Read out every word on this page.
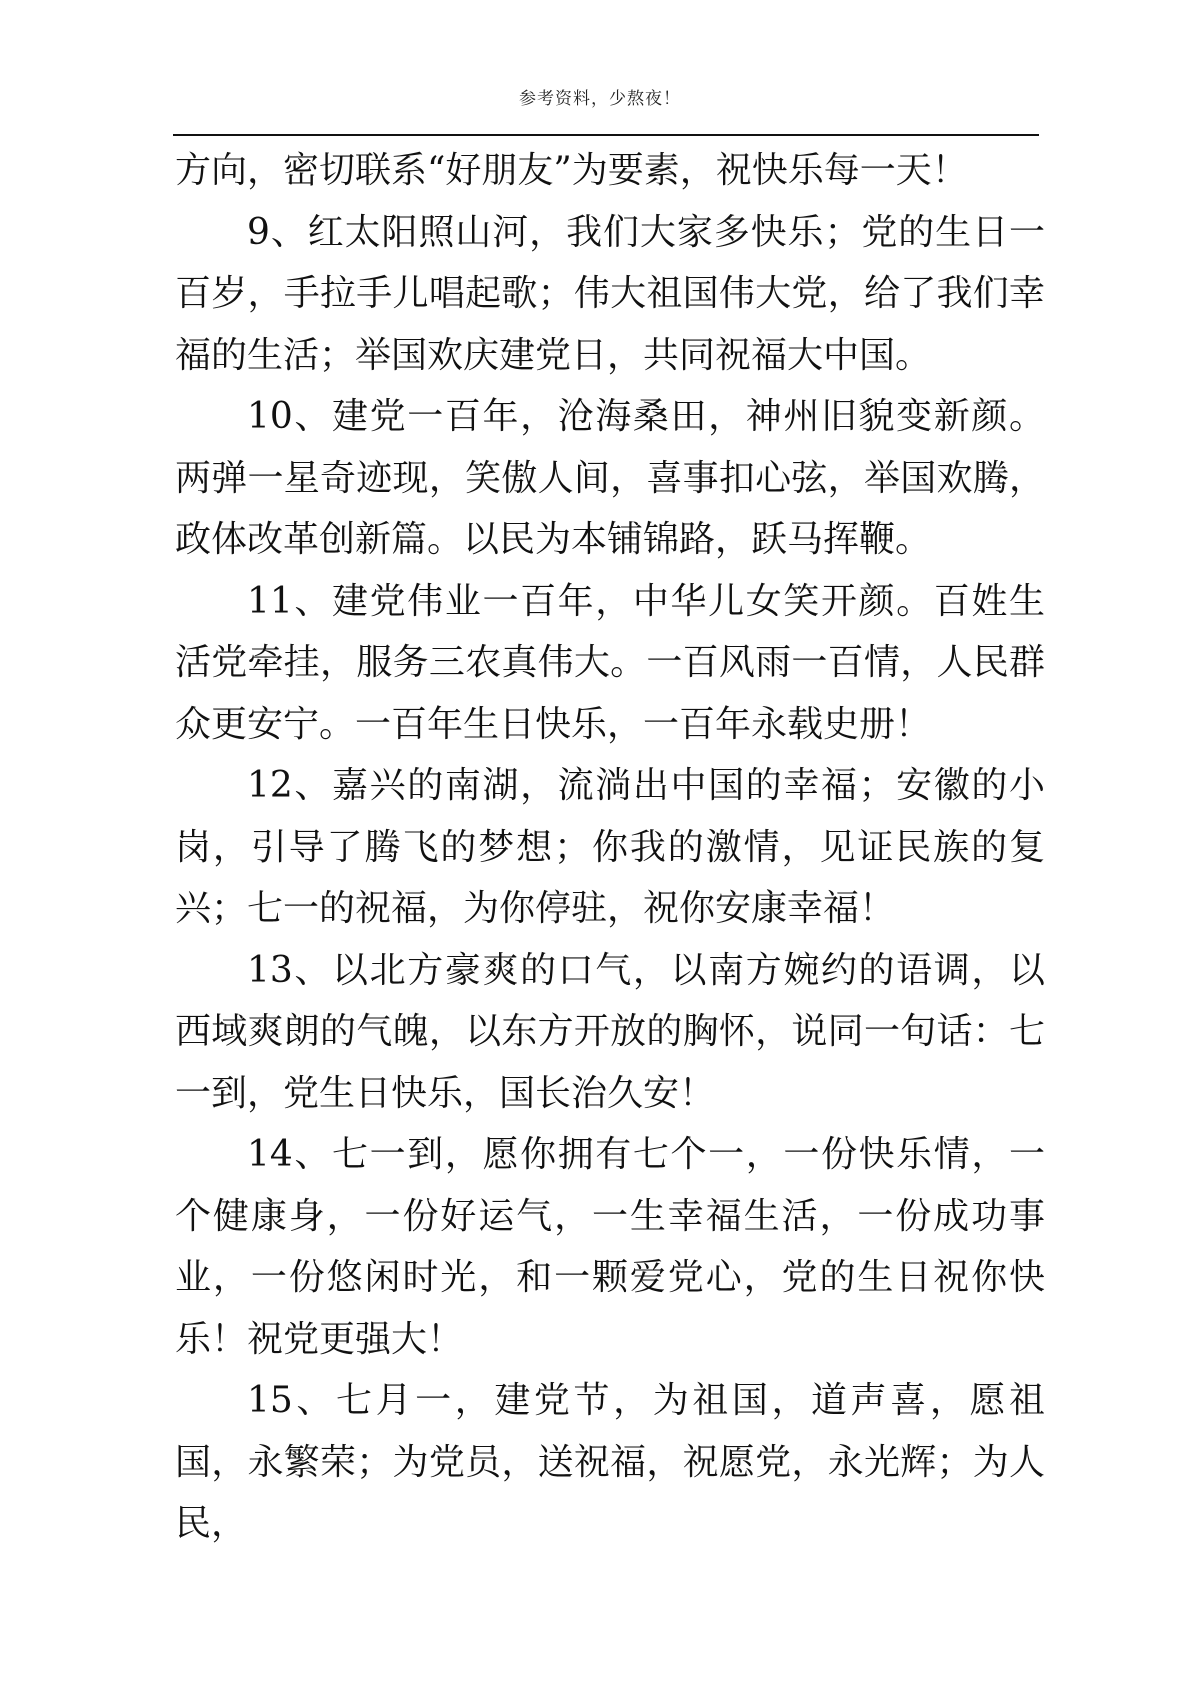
参考资料，少熬夜！

方向，密切联系“好朋友”为要素，祝快乐每一天！

9、红太阳照山河，我们大家多快乐；党的生日一百岁，手拉手儿唱起歌；伟大祖国伟大党，给了我们幸福的生活；举国欢庆建党日，共同祝福大中国。

10、建党一百年，沧海桑田，神州旧貌变新颜。两弹一星奇迹现，笑傲人间，喜事扣心弦，举国欢腾，政体改革创新篇。以民为本铺锦路，跃马挥鞭。

11、建党伟业一百年，中华儿女笑开颜。百姓生活党牵挂，服务三农真伟大。一百风雨一百情，人民群众更安宁。一百年生日快乐，一百年永载史册！

12、嘉兴的南湖，流淌出中国的幸福；安徽的小岗，引导了腾飞的梦想；你我的激情，见证民族的复兴；七一的祝福，为你停驻，祝你安康幸福！

13、以北方豪爽的口气，以南方婉约的语调，以西域爽朗的气魄，以东方开放的胸怀，说同一句话：七一到，党生日快乐，国长治久安！

14、七一到，愿你拥有七个一，一份快乐情，一个健康身，一份好运气，一生幸福生活，一份成功事业，一份悠闲时光，和一颗爱党心，党的生日祝你快乐！祝党更强大！

15、七月一，建党节，为祖国，道声喜，愿祖国，永繁荣；为党员，送祝福，祝愿党，永光辉；为人民，
